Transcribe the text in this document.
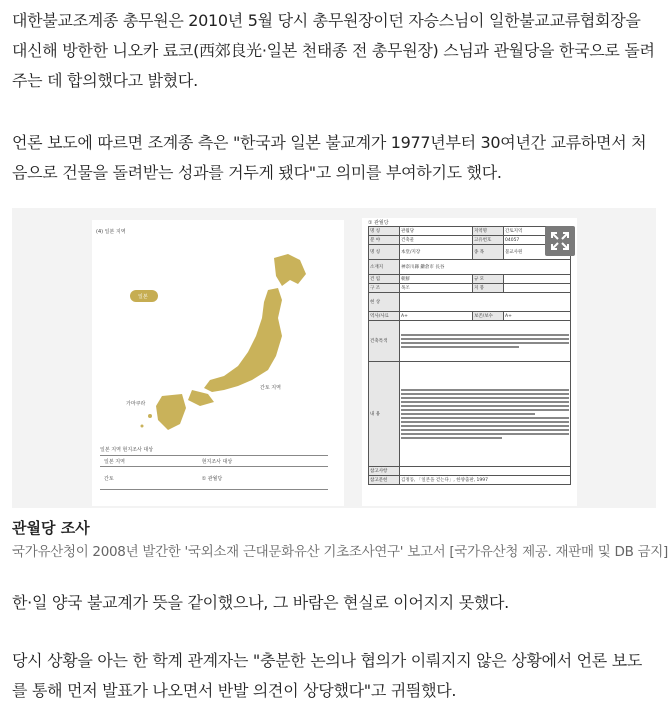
대한불교조계종 총무원은 2010년 5월 당시 총무원장이던 자승스님이 일한불교교류협회장을 대신해 방한한 니오카 료코(西郊良光·일본 천태종 전 총무원장) 스님과 관월당을 한국으로 돌려주는 데 합의했다고 밝혔다.
언론 보도에 따르면 조계종 측은 "한국과 일본 불교계가 1977년부터 30여년간 교류하면서 처음으로 건물을 돌려받는 성과를 거두게 됐다"고 의미를 부여하기도 했다.
(4) 일본 지역
일본
가마쿠라
간토 지역
일본 지역 현지조사 대상
일본 지역	현지조사 대상
간토	① 관월당

① 관월당
명 칭	관월당	지역명	간토지역
분 야	건축물	고유번호	04057
명 칭	本堂/지장	종 목	불교사원
소재지	神奈川縣 鎌倉市 長谷		
건 립	朝鮮	규 모	
구 조	목조	지 붕	
현 상			
역사/사료	A+	보존/보수	A+
건축특색			

내 용			

참고사항			
참고문헌	김정동, 「일본을 걷는다」, 한양출판, 1997		
관월당 조사
국가유산청이 2008년 발간한 '국외소재 근대문화유산 기초조사연구' 보고서 [국가유산청 제공. 재판매 및 DB 금지]
한·일 양국 불교계가 뜻을 같이했으나, 그 바람은 현실로 이어지지 못했다.
당시 상황을 아는 한 학계 관계자는 "충분한 논의나 협의가 이뤄지지 않은 상황에서 언론 보도를 통해 먼저 발표가 나오면서 반발 의견이 상당했다"고 귀띔했다.
